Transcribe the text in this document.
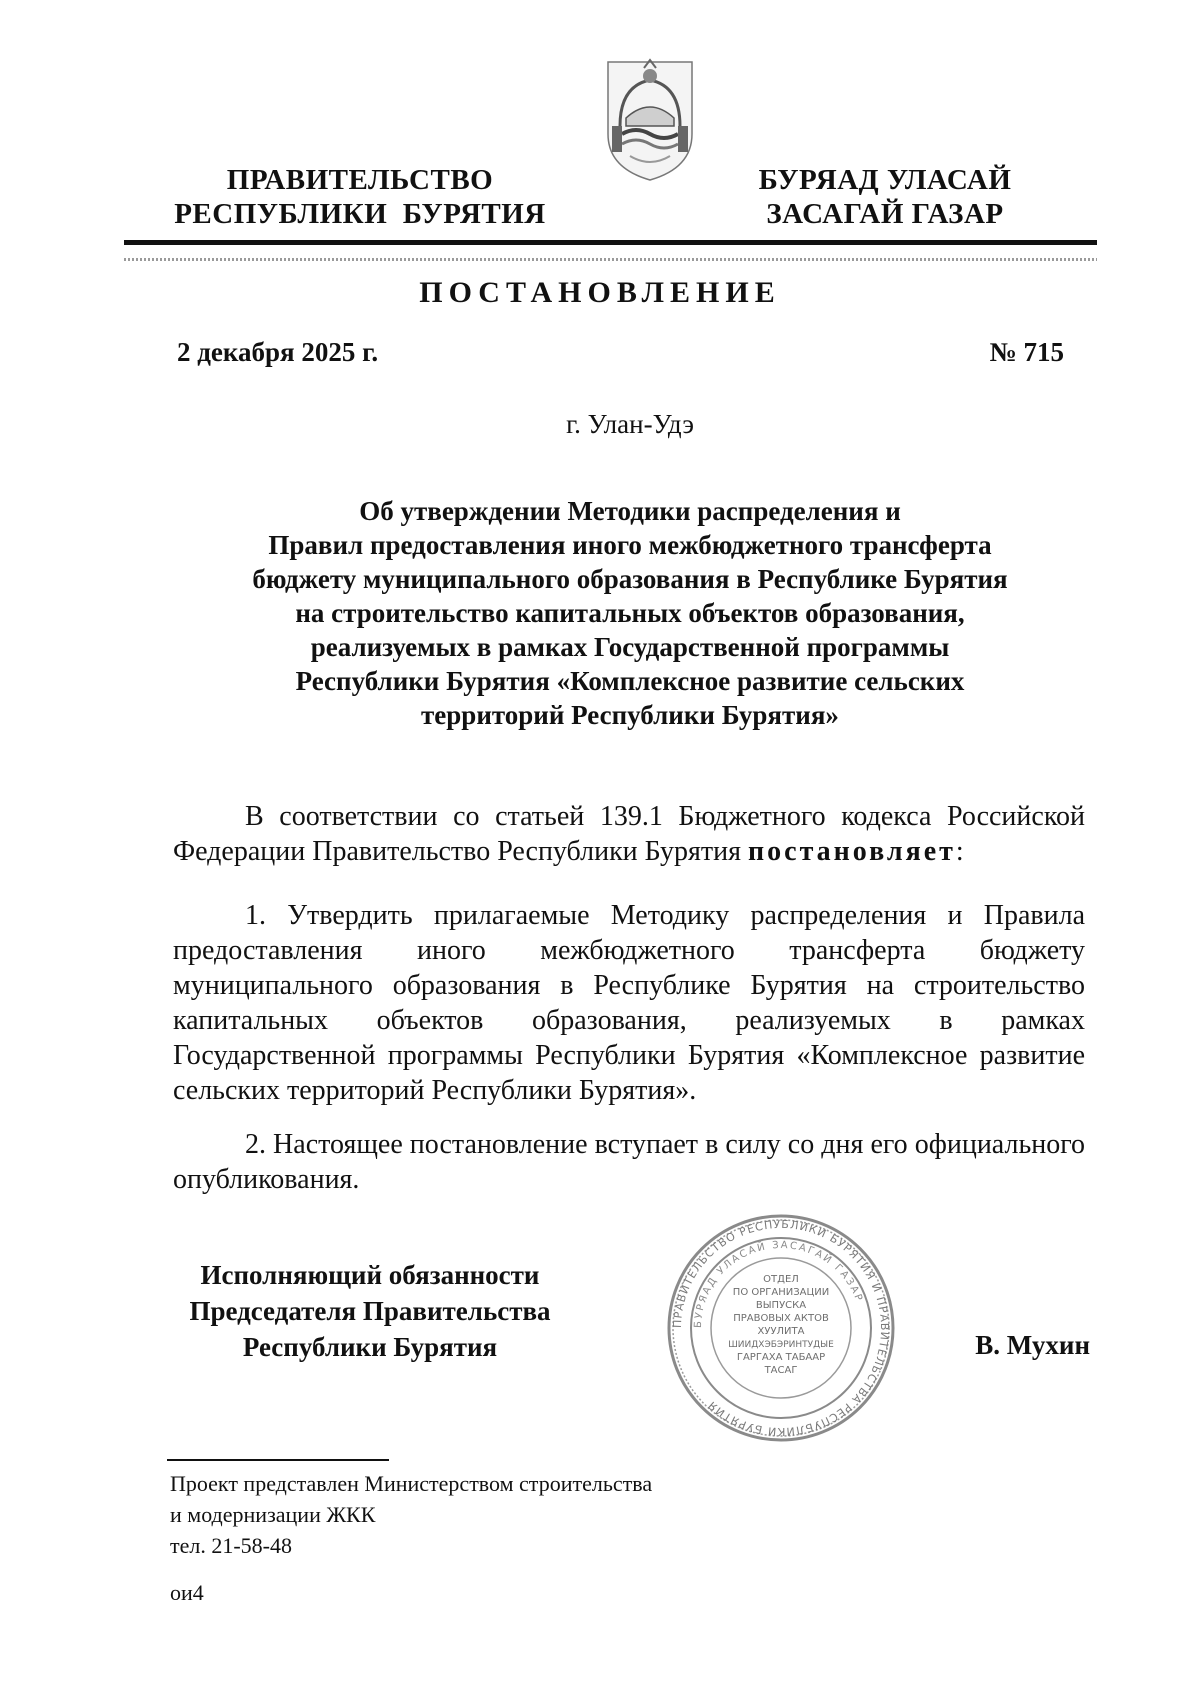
ПРАВИТЕЛЬСТВО
РЕСПУБЛИКИ  БУРЯТИЯ
БУРЯАД УЛАСАЙ
ЗАСАГАЙ ГАЗАР
ПОСТАНОВЛЕНИЕ
2 декабря 2025 г.	№ 715
г. Улан-Удэ
Об утверждении Методики распределения и
Правил предоставления иного межбюджетного трансферта
бюджету муниципального образования в Республике Бурятия
на строительство капитальных объектов образования,
реализуемых в рамках Государственной программы
Республики Бурятия «Комплексное развитие сельских
территорий Республики Бурятия»
В соответствии со статьей 139.1 Бюджетного кодекса Российской Федерации Правительство Республики Бурятия постановляет:
1. Утвердить прилагаемые Методику распределения и Правила предоставления иного межбюджетного трансферта бюджету муниципального образования в Республике Бурятия на строительство капитальных объектов образования, реализуемых в рамках Государственной программы Республики Бурятия «Комплексное развитие сельских территорий Республики Бурятия».
2. Настоящее постановление вступает в силу со дня его официального опубликования.
Исполняющий обязанности
Председателя Правительства
Республики Бурятия
ПРАВИТЕЛЬСТВО РЕСПУБЛИКИ БУРЯТИЯ И ПРАВИТЕЛЬСТВА РЕСПУБЛИКИ БУРЯТИЯ
БУРЯАД УЛАСАЙ ЗАСАГАЙ ГАЗАР
ОТДЕЛ
ПО ОРГАНИЗАЦИИ
ВЫПУСКА
ПРАВОВЫХ АКТОВ
ХУУЛИТА
ШИИДХЭБЭРИНТУДЫЕ
ГАРГАХА ТАБААР
ТАСАГ
В. Мухин
Проект представлен Министерством строительства
и модернизации ЖКК
тел. 21-58-48
ои4
